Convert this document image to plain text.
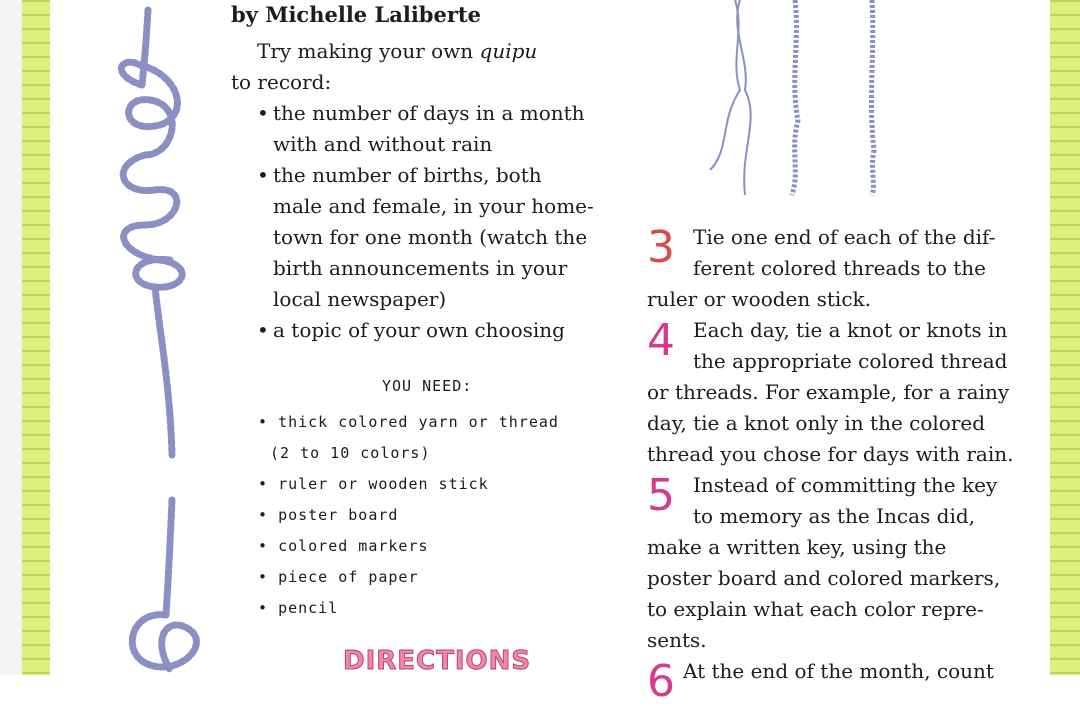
by Michelle Laliberte

Try making your own quipu

to record:

• the number of days in a month
with and without rain
• the number of births, both
male and female, in your home-
town for one month (watch the
birth announcements in your
local newspaper)
• a topic of your own choosing
YOU NEED:
• thick colored yarn or thread
(2 to 10 colors)
• ruler or wooden stick
• poster board
• colored markers
• piece of paper
• pencil
DIRECTIONS
3 Tie one end of each of the dif-
ferent colored threads to the
ruler or wooden stick.

4 Each day, tie a knot or knots in
the appropriate colored thread
or threads. For example, for a rainy
day, tie a knot only in the colored
thread you chose for days with rain.

5 Instead of committing the key
to memory as the Incas did,
make a written key, using the
poster board and colored markers,
to explain what each color repre-
sents.

6 At the end of the month, count
